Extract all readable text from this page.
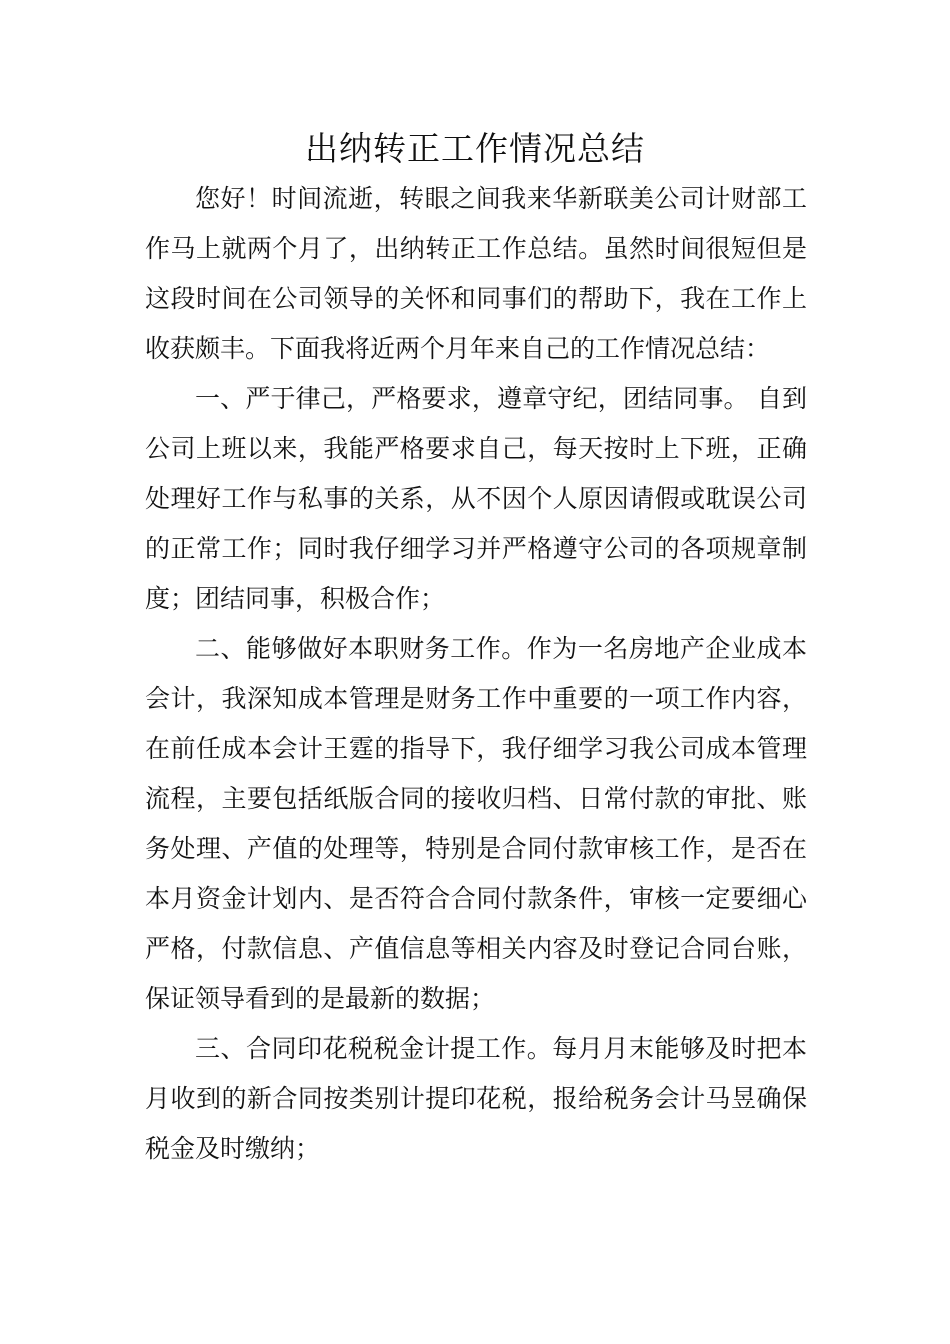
出纳转正工作情况总结

您好！时间流逝，转眼之间我来华新联美公司计财部工作马上就两个月了，出纳转正工作总结。虽然时间很短但是这段时间在公司领导的关怀和同事们的帮助下，我在工作上收获颇丰。下面我将近两个月年来自己的工作情况总结：

一、严于律己，严格要求，遵章守纪，团结同事。 自到公司上班以来，我能严格要求自己，每天按时上下班，正确处理好工作与私事的关系，从不因个人原因请假或耽误公司的正常工作；同时我仔细学习并严格遵守公司的各项规章制度；团结同事，积极合作；

二、能够做好本职财务工作。作为一名房地产企业成本会计，我深知成本管理是财务工作中重要的一项工作内容，在前任成本会计王霆的指导下，我仔细学习我公司成本管理流程，主要包括纸版合同的接收归档、日常付款的审批、账务处理、产值的处理等，特别是合同付款审核工作，是否在本月资金计划内、是否符合合同付款条件，审核一定要细心严格，付款信息、产值信息等相关内容及时登记合同台账，保证领导看到的是最新的数据；

三、合同印花税税金计提工作。每月月末能够及时把本月收到的新合同按类别计提印花税，报给税务会计马昱确保税金及时缴纳；
